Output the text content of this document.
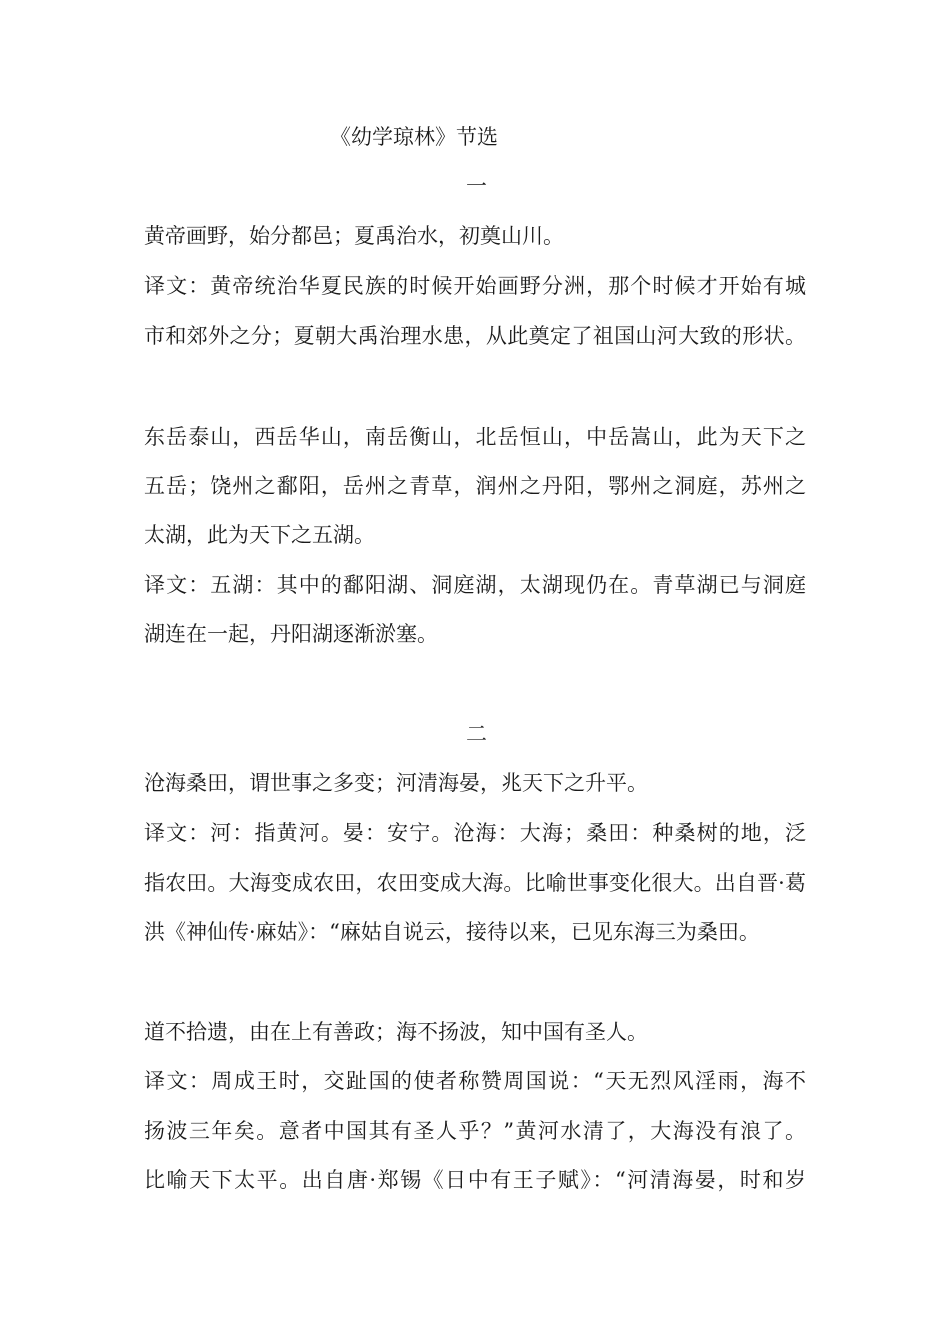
《幼学琼林》节选
一
黄帝画野，始分都邑；夏禹治水，初奠山川。
译文：黄帝统治华夏民族的时候开始画野分洲，那个时候才开始有城
市和郊外之分；夏朝大禹治理水患，从此奠定了祖国山河大致的形状。
东岳泰山，西岳华山，南岳衡山，北岳恒山，中岳嵩山，此为天下之
五岳；饶州之鄱阳，岳州之青草，润州之丹阳，鄂州之洞庭，苏州之
太湖，此为天下之五湖。
译文：五湖：其中的鄱阳湖、洞庭湖，太湖现仍在。青草湖已与洞庭
湖连在一起，丹阳湖逐渐淤塞。
二
沧海桑田，谓世事之多变；河清海晏，兆天下之升平。
译文：河：指黄河。晏：安宁。沧海：大海；桑田：种桑树的地，泛
指农田。大海变成农田，农田变成大海。比喻世事变化很大。出自晋·葛
洪《神仙传·麻姑》：“麻姑自说云，接待以来，已见东海三为桑田。
道不拾遗，由在上有善政；海不扬波，知中国有圣人。
译文：周成王时，交趾国的使者称赞周国说：“天无烈风淫雨，海不
扬波三年矣。意者中国其有圣人乎？”黄河水清了，大海没有浪了。
比喻天下太平。出自唐·郑锡《日中有王子赋》：“河清海晏，时和岁
